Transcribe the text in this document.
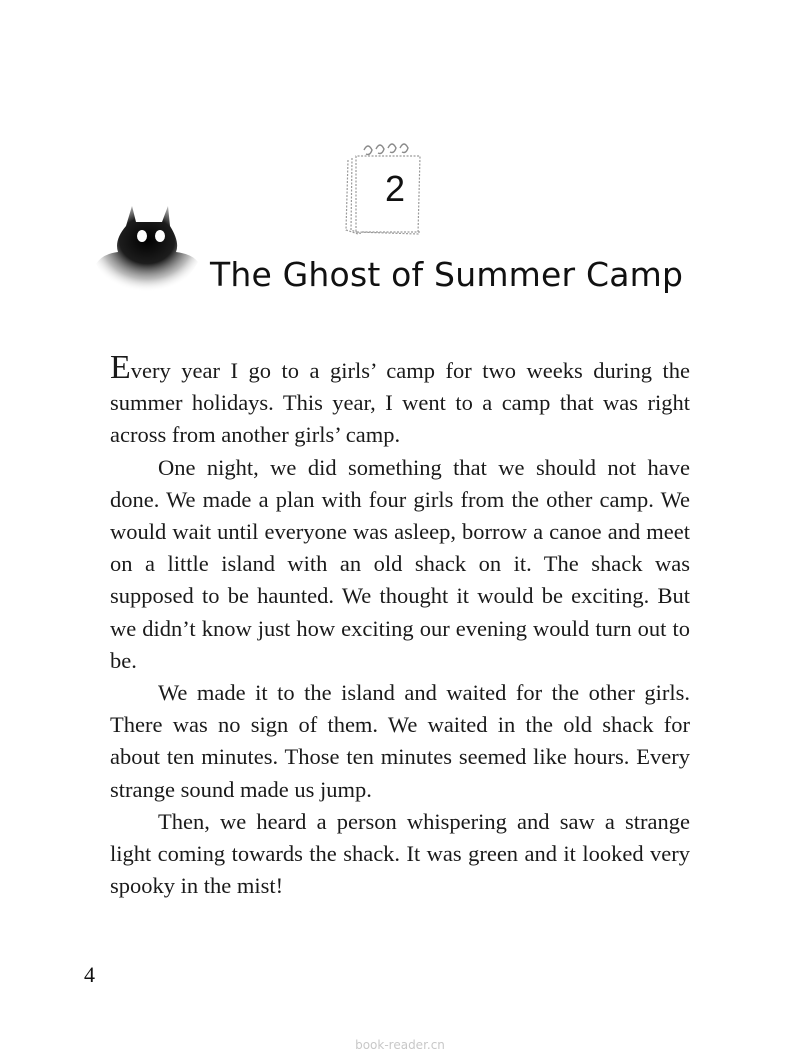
2
The Ghost of Summer Camp

Every year I go to a girls’ camp for two weeks during the summer holidays. This year, I went to a camp that was right across from another girls’ camp.

One night, we did something that we should not have done. We made a plan with four girls from the other camp. We would wait until everyone was asleep, borrow a canoe and meet on a little island with an old shack on it. The shack was supposed to be haunted. We thought it would be exciting. But we didn’t know just how exciting our evening would turn out to be.

We made it to the island and waited for the other girls. There was no sign of them. We waited in the old shack for about ten minutes. Those ten minutes seemed like hours. Every strange sound made us jump.

Then, we heard a person whispering and saw a strange light coming towards the shack. It was green and it looked very spooky in the mist!

4
book-reader.cn
